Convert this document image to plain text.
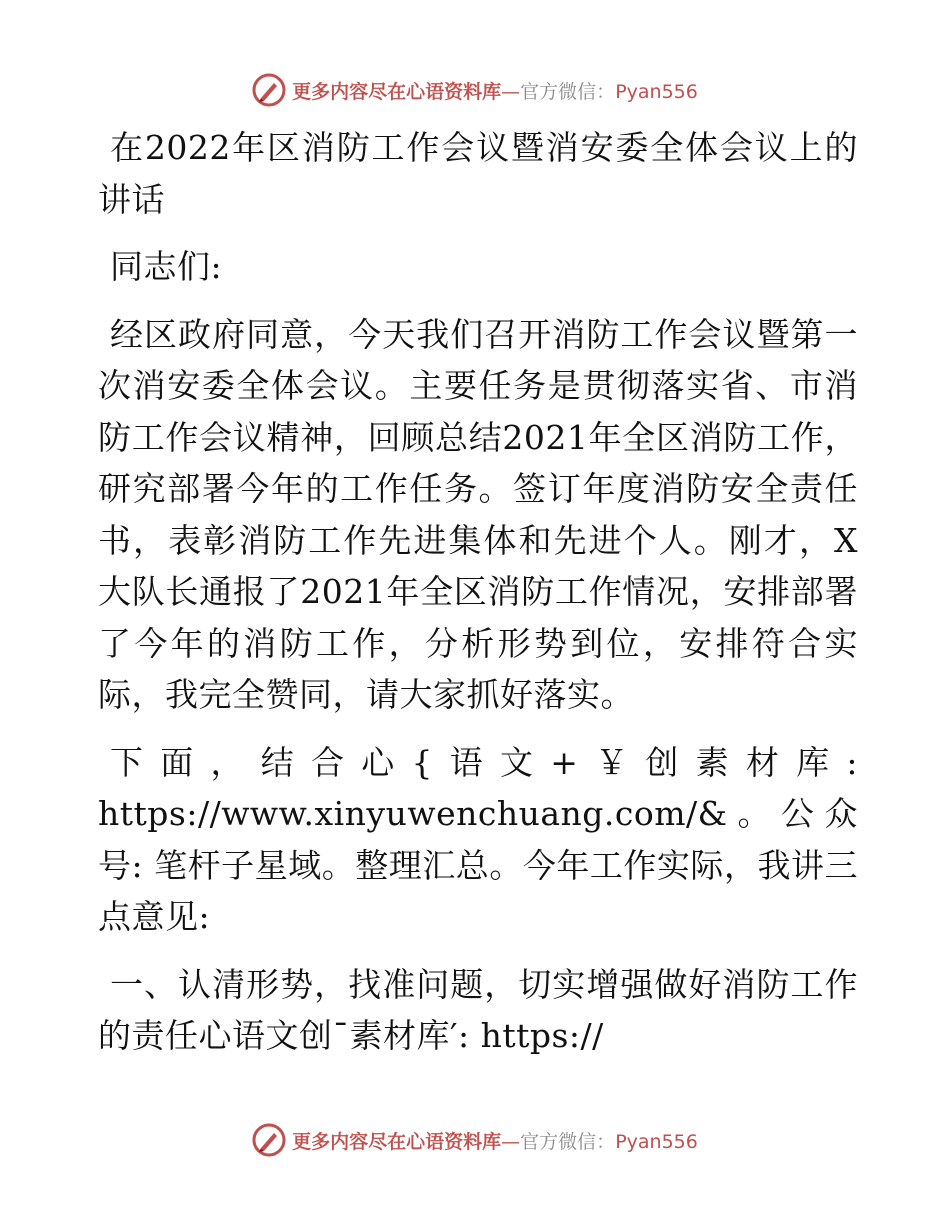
更多内容尽在心语资料库—官方微信：Pyan556

在2022年区消防工作会议暨消安委全体会议上的讲话

同志们:

经区政府同意，今天我们召开消防工作会议暨第一次消安委全体会议。主要任务是贯彻落实省、市消防工作会议精神，回顾总结2021年全区消防工作，研究部署今年的工作任务。签订年度消防安全责任书，表彰消防工作先进集体和先进个人。刚才，X大队长通报了2021年全区消防工作情况，安排部署了今年的消防工作，分析形势到位，安排符合实际，我完全赞同，请大家抓好落实。

下面，结合心{语文+￥创素材库: https://www.xinyuwenchuang.com/&。公众号: 笔杆子星域。整理汇总。今年工作实际，我讲三点意见:

一、认清形势，找准问题，切实增强做好消防工作的责任心语文创¯素材库′: https://

更多内容尽在心语资料库—官方微信：Pyan556
